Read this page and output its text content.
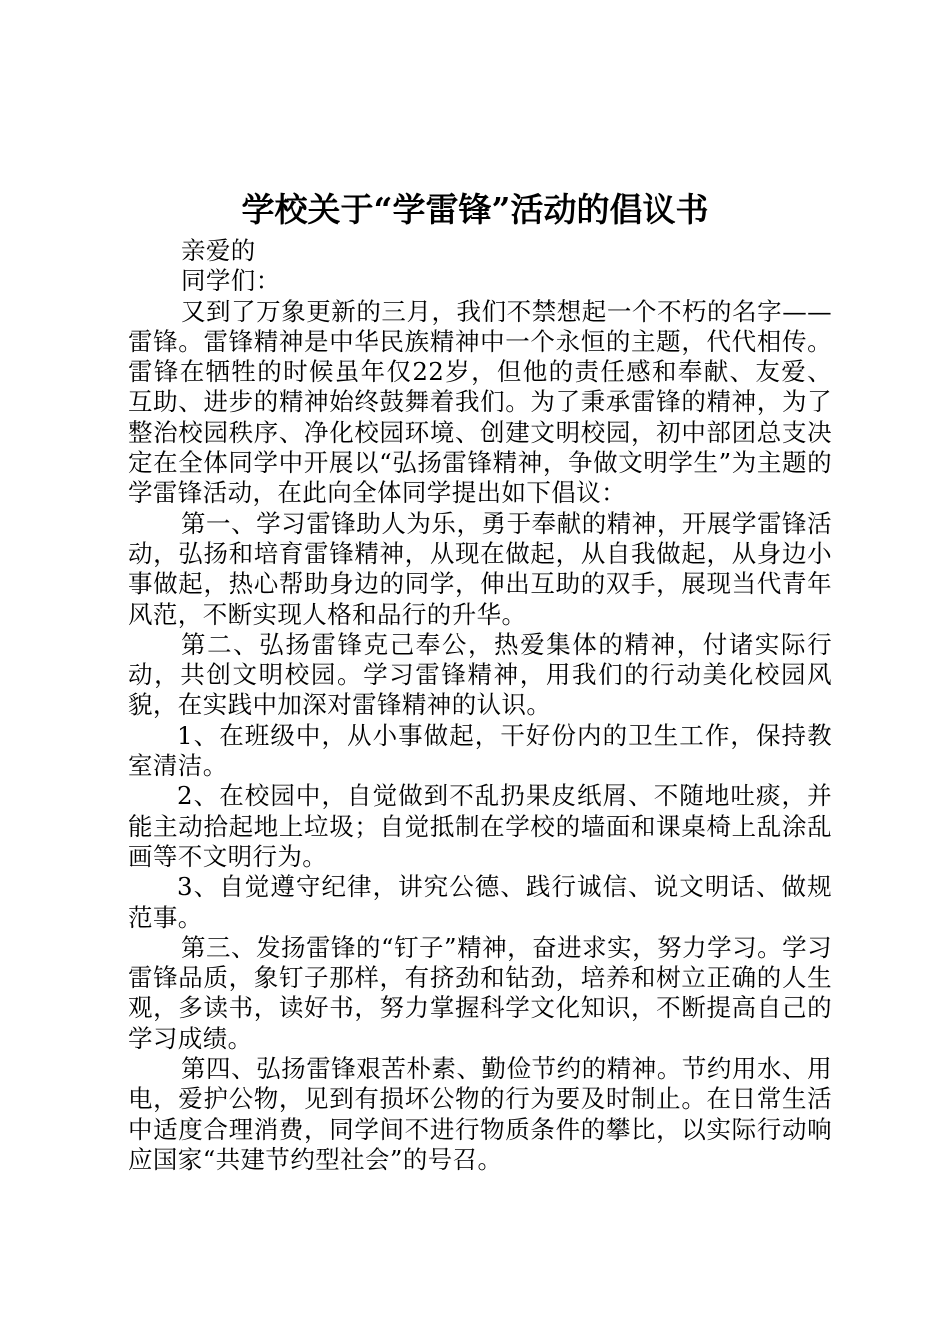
学校关于“学雷锋”活动的倡议书

亲爱的

同学们：

又到了万象更新的三月，我们不禁想起一个不朽的名字——雷锋。雷锋精神是中华民族精神中一个永恒的主题，代代相传。雷锋在牺牲的时候虽年仅22岁，但他的责任感和奉献、友爱、互助、进步的精神始终鼓舞着我们。为了秉承雷锋的精神，为了整治校园秩序、净化校园环境、创建文明校园，初中部团总支决定在全体同学中开展以“弘扬雷锋精神，争做文明学生”为主题的学雷锋活动，在此向全体同学提出如下倡议：

第一、学习雷锋助人为乐，勇于奉献的精神，开展学雷锋活动，弘扬和培育雷锋精神，从现在做起，从自我做起，从身边小事做起，热心帮助身边的同学，伸出互助的双手，展现当代青年风范，不断实现人格和品行的升华。

第二、弘扬雷锋克己奉公，热爱集体的精神，付诸实际行动，共创文明校园。学习雷锋精神，用我们的行动美化校园风貌，在实践中加深对雷锋精神的认识。

1、在班级中，从小事做起，干好份内的卫生工作，保持教室清洁。

2、在校园中，自觉做到不乱扔果皮纸屑、不随地吐痰，并能主动拾起地上垃圾；自觉抵制在学校的墙面和课桌椅上乱涂乱画等不文明行为。

3、自觉遵守纪律，讲究公德、践行诚信、说文明话、做规范事。

第三、发扬雷锋的“钉子”精神，奋进求实，努力学习。学习雷锋品质，象钉子那样，有挤劲和钻劲，培养和树立正确的人生观，多读书，读好书，努力掌握科学文化知识，不断提高自己的学习成绩。

第四、弘扬雷锋艰苦朴素、勤俭节约的精神。节约用水、用电，爱护公物，见到有损坏公物的行为要及时制止。在日常生活中适度合理消费，同学间不进行物质条件的攀比，以实际行动响应国家“共建节约型社会”的号召。
